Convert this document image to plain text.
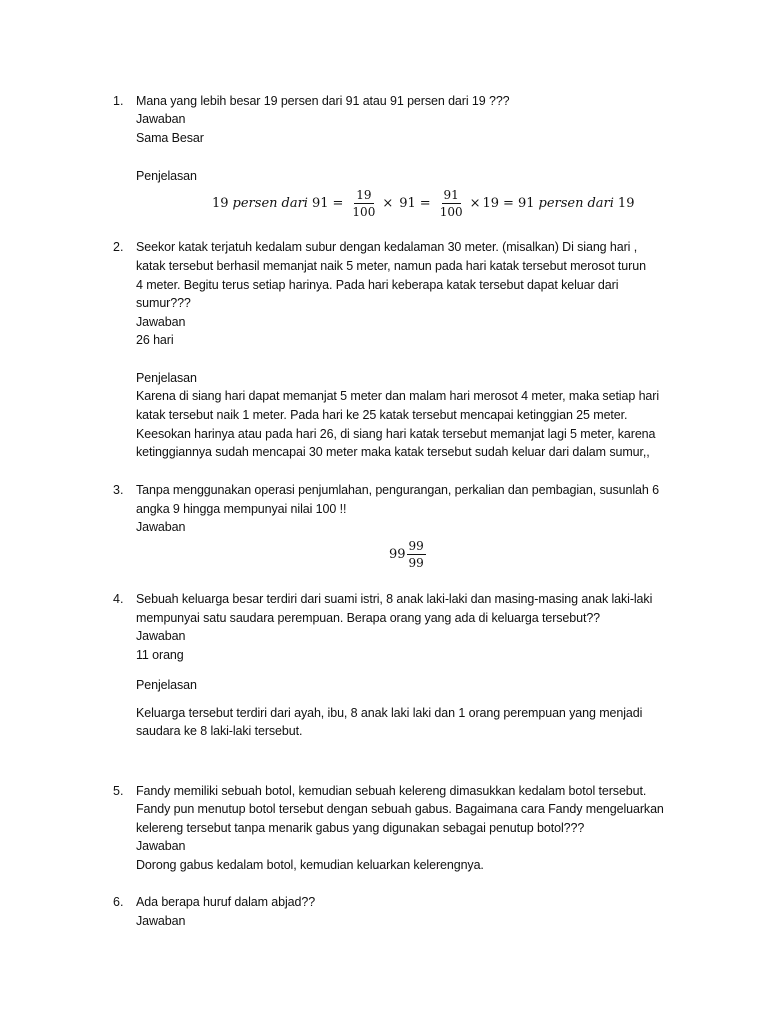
1. Mana yang lebih besar 19 persen dari 91 atau 91 persen dari 19 ???
Jawaban
Sama Besar
Penjelasan
19 persen dari $91 = \frac{19}{100} \times 91 = \frac{91}{100} \times 19 = 91$ persen dari 19
2. Seekor katak terjatuh kedalam subur dengan kedalaman 30 meter. (misalkan) Di siang hari ,
katak tersebut berhasil memanjat naik 5 meter, namun pada hari katak tersebut merosot turun
4 meter. Begitu terus setiap harinya. Pada hari keberapa katak tersebut dapat keluar dari
sumur???
Jawaban
26 hari
Penjelasan
Karena di siang hari dapat memanjat 5 meter dan malam hari merosot 4 meter, maka setiap hari
katak tersebut naik 1 meter. Pada hari ke 25 katak tersebut mencapai ketinggian 25 meter.
Keesokan harinya atau pada hari 26, di siang hari katak tersebut memanjat lagi 5 meter, karena
ketinggiannya sudah mencapai 30 meter maka katak tersebut sudah keluar dari dalam sumur,,
3. Tanpa menggunakan operasi penjumlahan, pengurangan, perkalian dan pembagian, susunlah 6
angka 9 hingga mempunyai nilai 100 !!
Jawaban
$99 \frac{99}{99}$
4. Sebuah keluarga besar terdiri dari suami istri, 8 anak laki-laki dan masing-masing anak laki-laki
mempunyai satu saudara perempuan. Berapa orang yang ada di keluarga tersebut??
Jawaban
11 orang
Penjelasan
Keluarga tersebut terdiri dari ayah, ibu, 8 anak laki laki dan 1 orang perempuan yang menjadi
saudara ke 8 laki-laki tersebut.
5. Fandy memiliki sebuah botol, kemudian sebuah kelereng dimasukkan kedalam botol tersebut.
Fandy pun menutup botol tersebut dengan sebuah gabus. Bagaimana cara Fandy mengeluarkan
kelereng tersebut tanpa menarik gabus yang digunakan sebagai penutup botol???
Jawaban
Dorong gabus kedalam botol, kemudian keluarkan kelerengnya.
6. Ada berapa huruf dalam abjad??
Jawaban
